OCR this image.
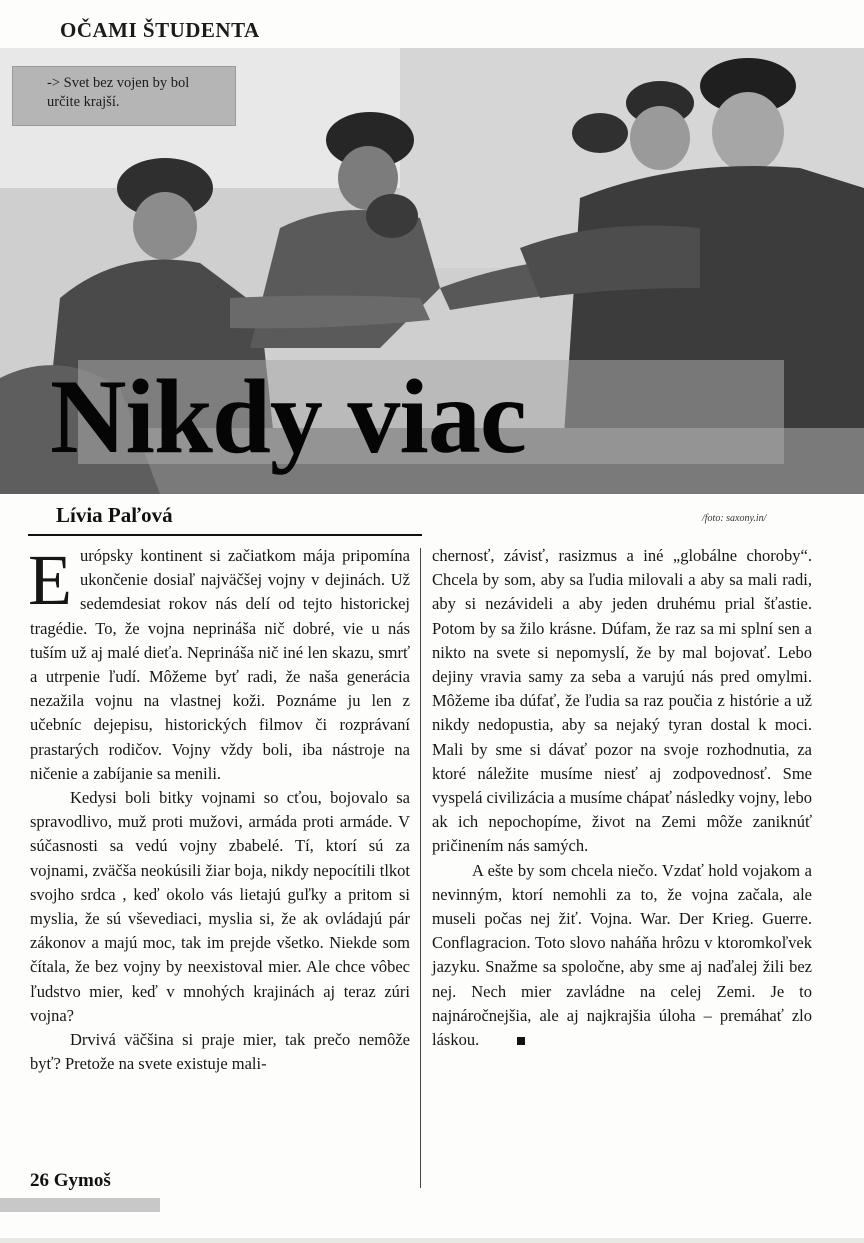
OČAMI ŠTUDENTA
-> Svet bez vojen by bol určite krajší.
Nikdy viac
Lívia Paľová	/foto: saxony.in/

Európsky kontinent si začiatkom mája pripomína ukončenie dosiaľ najväčšej vojny v dejinách. Už sedemdesiat rokov nás delí od tejto historickej tragédie. To, že vojna neprináša nič dobré, vie u nás tuším už aj malé dieťa. Neprináša nič iné len skazu, smrť a utrpenie ľudí. Môžeme byť radi, že naša generácia nezažila vojnu na vlastnej koži. Poznáme ju len z učebníc dejepisu, historických filmov či rozprávaní prastarých rodičov. Vojny vždy boli, iba nástroje na ničenie a zabíjanie sa menili.

Kedysi boli bitky vojnami so cťou, bojovalo sa spravodlivo, muž proti mužovi, armáda proti armáde. V súčasnosti sa vedú vojny zbabelé. Tí, ktorí sú za vojnami, zväčša neokúsili žiar boja, nikdy nepocítili tlkot svojho srdca , keď okolo vás lietajú guľky a pritom si myslia, že sú vševediaci, myslia si, že ak ovládajú pár zákonov a majú moc, tak im prejde všetko. Niekde som čítala, že bez vojny by neexistoval mier. Ale chce vôbec ľudstvo mier, keď v mnohých krajinách aj teraz zúri vojna?

Drvivá väčšina si praje mier, tak prečo nemôže byť? Pretože na svete existuje mali-

chernosť, závisť, rasizmus a iné „globálne choroby“. Chcela by som, aby sa ľudia milovali a aby sa mali radi, aby si nezávideli a aby jeden druhému prial šťastie. Potom by sa žilo krásne. Dúfam, že raz sa mi splní sen a nikto na svete si nepomyslí, že by mal bojovať. Lebo dejiny vravia samy za seba a varujú nás pred omylmi. Môžeme iba dúfať, že ľudia sa raz poučia z histórie a už nikdy nedopustia, aby sa nejaký tyran dostal k moci. Mali by sme si dávať pozor na svoje rozhodnutia, za ktoré náležite musíme niesť aj zodpovednosť. Sme vyspelá civilizácia a musíme chápať následky vojny, lebo ak ich nepochopíme, život na Zemi môže zaniknúť pričinením nás samých.

A ešte by som chcela niečo. Vzdať hold vojakom a nevinným, ktorí nemohli za to, že vojna začala, ale museli počas nej žiť. Vojna. War. Der Krieg. Guerre. Conflagracion. Toto slovo naháňa hrôzu v ktoromkoľvek jazyku. Snažme sa spoločne, aby sme aj naďalej žili bez nej. Nech mier zavládne na celej Zemi. Je to najnáročnejšia, ale aj najkrajšia úloha – premáhať zlo láskou.

26 Gymoš
